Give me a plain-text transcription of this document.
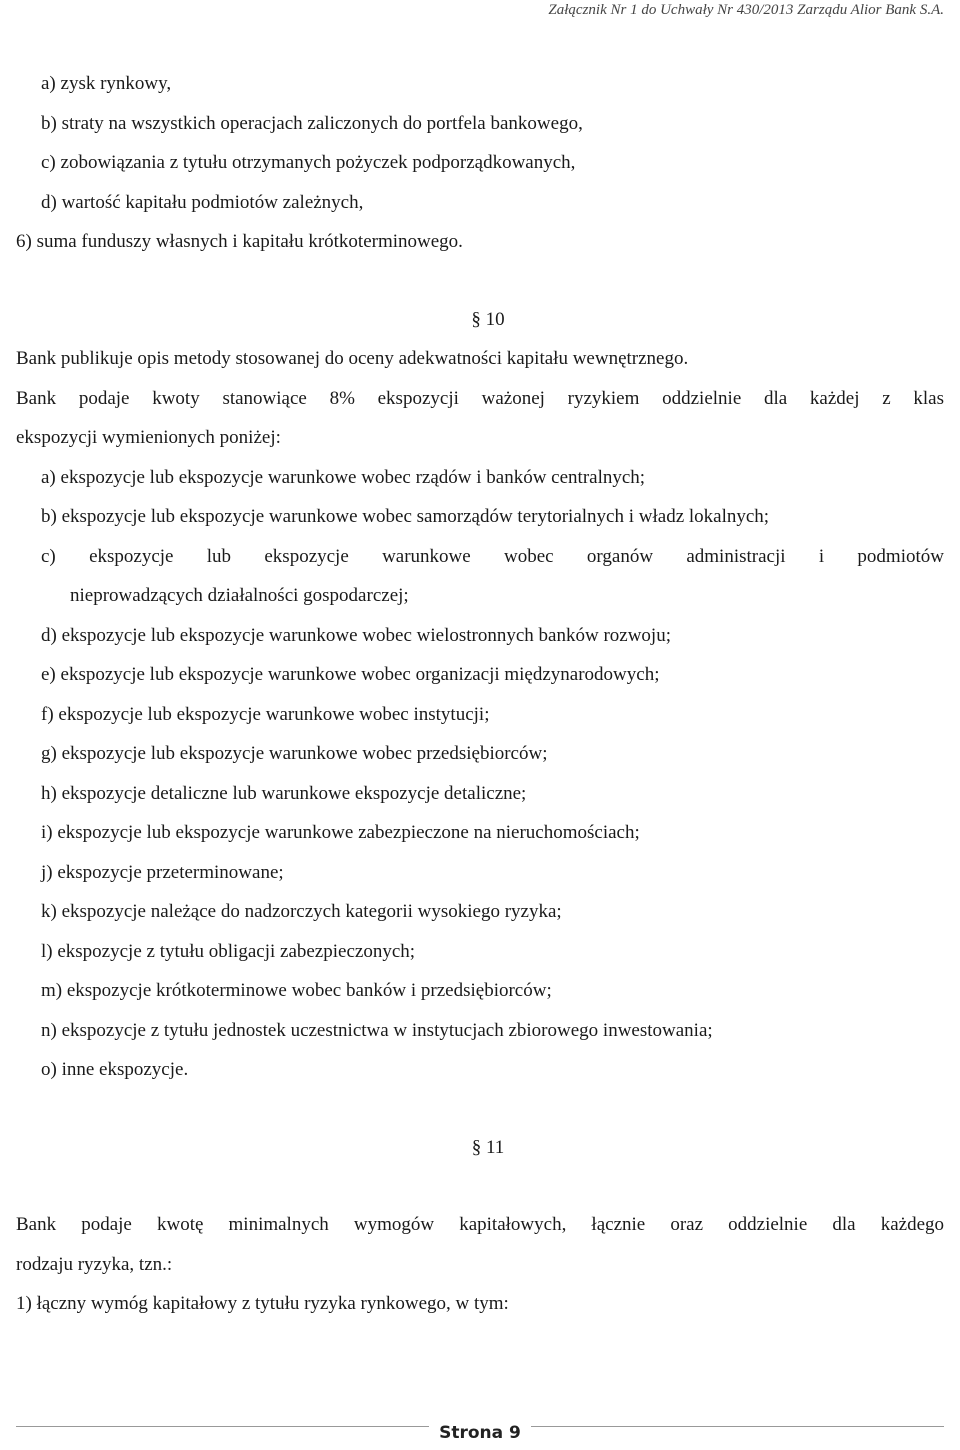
Załącznik Nr 1 do Uchwały Nr 430/2013 Zarządu Alior Bank S.A.
a) zysk rynkowy,
b) straty na wszystkich operacjach zaliczonych do portfela bankowego,
c) zobowiązania z tytułu otrzymanych pożyczek podporządkowanych,
d) wartość kapitału podmiotów zależnych,
6) suma funduszy własnych i kapitału krótkoterminowego.
§ 10
Bank publikuje opis metody stosowanej do oceny adekwatności kapitału wewnętrznego.
Bank podaje kwoty stanowiące 8% ekspozycji ważonej ryzykiem oddzielnie dla każdej z klas
ekspozycji wymienionych poniżej:
a) ekspozycje lub ekspozycje warunkowe wobec rządów i banków centralnych;
b) ekspozycje lub ekspozycje warunkowe wobec samorządów terytorialnych i władz lokalnych;
c) ekspozycje lub ekspozycje warunkowe wobec organów administracji i podmiotów
nieprowadzących działalności gospodarczej;
d) ekspozycje lub ekspozycje warunkowe wobec wielostronnych banków rozwoju;
e) ekspozycje lub ekspozycje warunkowe wobec organizacji międzynarodowych;
f) ekspozycje lub ekspozycje warunkowe wobec instytucji;
g) ekspozycje lub ekspozycje warunkowe wobec przedsiębiorców;
h) ekspozycje detaliczne lub warunkowe ekspozycje detaliczne;
i) ekspozycje lub ekspozycje warunkowe zabezpieczone na nieruchomościach;
j) ekspozycje przeterminowane;
k) ekspozycje należące do nadzorczych kategorii wysokiego ryzyka;
l) ekspozycje z tytułu obligacji zabezpieczonych;
m) ekspozycje krótkoterminowe wobec banków i przedsiębiorców;
n) ekspozycje z tytułu jednostek uczestnictwa w instytucjach zbiorowego inwestowania;
o) inne ekspozycje.
§ 11
Bank podaje kwotę minimalnych wymogów kapitałowych, łącznie oraz oddzielnie dla każdego
rodzaju ryzyka, tzn.:
1) łączny wymóg kapitałowy z tytułu ryzyka rynkowego, w tym:
Strona 9
